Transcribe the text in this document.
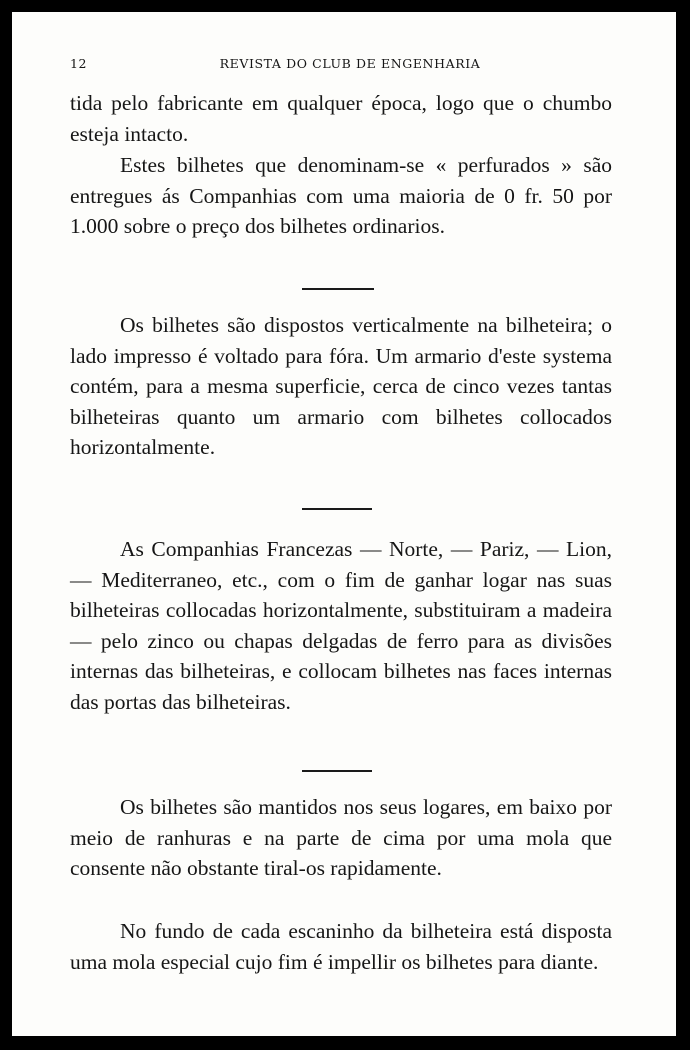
12	REVISTA DO CLUB DE ENGENHARIA

tida pelo fabricante em qualquer época, logo que o chumbo esteja intacto.

Estes bilhetes que denominam-se « perfurados » são entregues ás Companhias com uma maioria de 0 fr. 50 por 1.000 sobre o preço dos bilhetes ordinarios.

Os bilhetes são dispostos verticalmente na bilheteira; o lado impresso é voltado para fóra. Um armario d'este systema contém, para a mesma superficie, cerca de cinco vezes tantas bilheteiras quanto um armario com bilhetes collocados horizontalmente.

As Companhias Francezas — Norte, — Pariz, — Lion, — Mediterraneo, etc., com o fim de ganhar logar nas suas bilheteiras collocadas horizontalmente, substituiram a madeira — pelo zinco ou chapas delgadas de ferro para as divisões internas das bilheteiras, e collocam bilhetes nas faces internas das portas das bilheteiras.

Os bilhetes são mantidos nos seus logares, em baixo por meio de ranhuras e na parte de cima por uma mola que consente não obstante tiral-os rapidamente.

No fundo de cada escaninho da bilheteira está disposta uma mola especial cujo fim é impellir os bilhetes para diante.
